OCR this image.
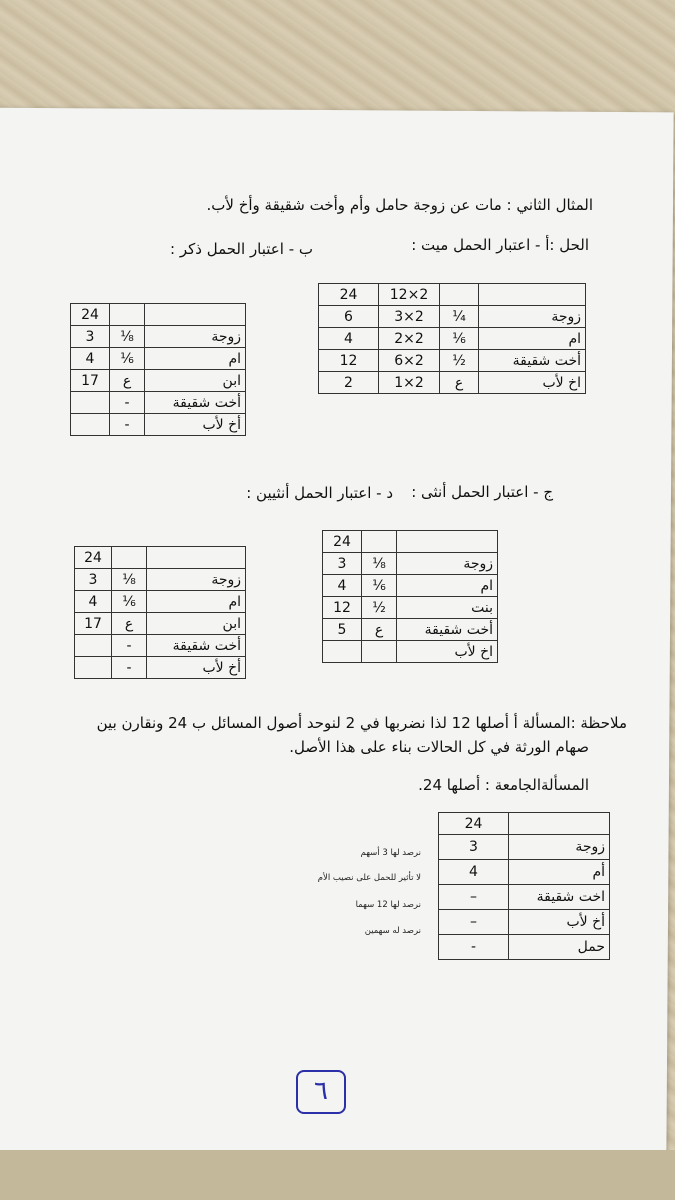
المثال الثاني : مات عن زوجة حامل وأم وأخت شقيقة وأخ لأب.
الحل :أ - اعتبار الحمل ميت :
ب - اعتبار الحمل ذكر :
		2×12	24
زوجة	¼	2×3	6
ام	⅙	2×2	4
أخت شقيقة	½	2×6	12
اخ لأب	ع	2×1	2
		24
زوجة	⅛	3
ام	⅙	4
ابن	ع	17
أخت شقيقة	-	
أخ لأب	-	
ج - اعتبار الحمل أنثى :
د - اعتبار الحمل أنثيين :
		24
زوجة	⅛	3
ام	⅙	4
بنت	½	12
أخت شقيقة	ع	5
اخ لأب		
		24
زوجة	⅛	3
ام	⅙	4
ابن	ع	17
أخت شقيقة	-	
أخ لأب	-	
ملاحظة :المسألة أ أصلها 12 لذا نضربها في 2 لنوحد أصول المسائل ب 24 ونقارن بين
صهام الورثة في كل الحالات بناء على هذا الأصل.
المسألةالجامعة : أصلها 24.
	24
زوجة	3
أم	4
اخت شقيقة	–
أخ لأب	–
حمل	-
نرصد لها 3 أسهم
لا تأثير للحمل على نصيب الأم
نرصد لها 12 سهما
نرصد له سهمين
٦
